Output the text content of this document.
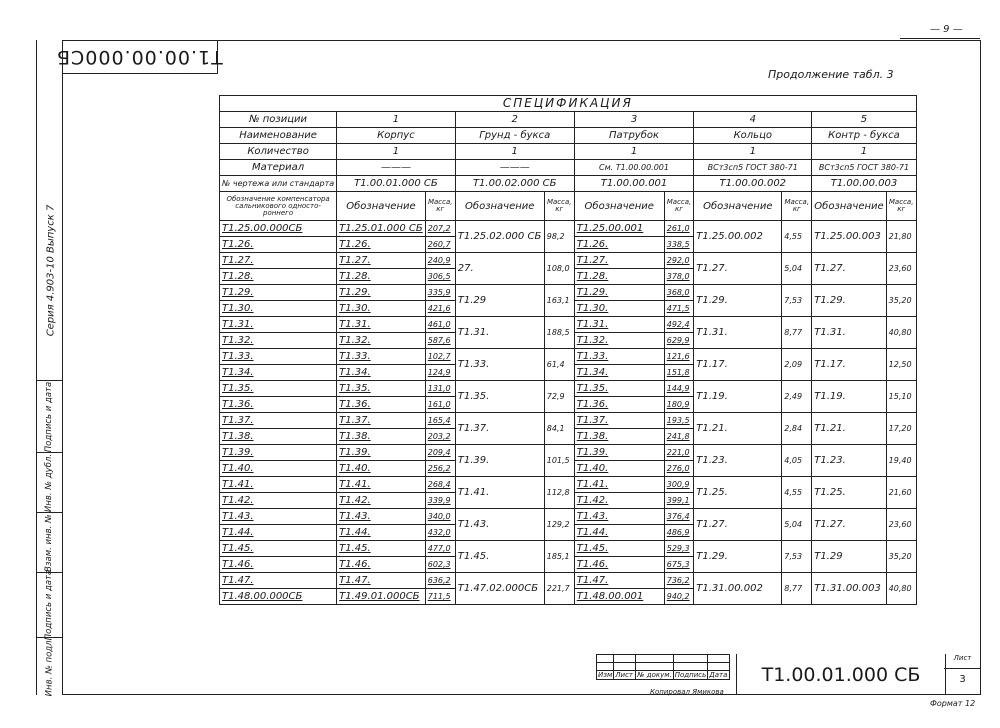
— 9 —
Т1.00.00.000СБ
Продолжение табл. 3
Серия 4.903-10 Выпуск 7
Подпись и дата
Инв. № дубл.
Взам. инв. №
Подпись и дата
Инв. № подл.
СПЕЦИФИКАЦИЯ										
№ позиции	1		2		3		4		5	
Наименование	Корпус		Грунд - букса		Патрубок		Кольцо		Контр - букса	
Количество	1		1		1		1		1	
Материал	———		———		См. Т1.00.00.001		ВСт3сп5 ГОСТ 380-71		ВСт3сп5 ГОСТ 380-71	
№ чертежа или стандарта	Т1.00.01.000 СБ		Т1.00.02.000 СБ		Т1.00.00.001		Т1.00.00.002		Т1.00.00.003	
Обозначение компенсатора сальникового односто-роннего	Обозначение	Масса, кг	Обозначение	Масса, кг	Обозначение	Масса, кг	Обозначение	Масса, кг	Обозначение	Масса, кг
Т1.25.00.000СБ	Т1.25.01.000 СБ	207,2	Т1.25.02.000 СБ	98,2	Т1.25.00.001	261,0	Т1.25.00.002	4,55	Т1.25.00.003	21,80
Т1.26.	Т1.26.	260,7			Т1.26.	338,5				
Т1.27.	Т1.27.	240,9	27.	108,0	Т1.27.	292,0	Т1.27.	5,04	Т1.27.	23,60
Т1.28.	Т1.28.	306,5			Т1.28.	378,0				
Т1.29.	Т1.29.	335,9	Т1.29	163,1	Т1.29.	368,0	Т1.29.	7,53	Т1.29.	35,20
Т1.30.	Т1.30.	421,6			Т1.30.	471,5				
Т1.31.	Т1.31.	461,0	Т1.31.	188,5	Т1.31.	492,4	Т1.31.	8,77	Т1.31.	40,80
Т1.32.	Т1.32.	587,6			Т1.32.	629,9				
Т1.33.	Т1.33.	102,7	Т1.33.	61,4	Т1.33.	121,6	Т1.17.	2,09	Т1.17.	12,50
Т1.34.	Т1.34.	124,9			Т1.34.	151,8				
Т1.35.	Т1.35.	131,0	Т1.35.	72,9	Т1.35.	144,9	Т1.19.	2,49	Т1.19.	15,10
Т1.36.	Т1.36.	161,0			Т1.36.	180,9				
Т1.37.	Т1.37.	165,4	Т1.37.	84,1	Т1.37.	193,5	Т1.21.	2,84	Т1.21.	17,20
Т1.38.	Т1.38.	203,2			Т1.38.	241,8				
Т1.39.	Т1.39.	209,4	Т1.39.	101,5	Т1.39.	221,0	Т1.23.	4,05	Т1.23.	19,40
Т1.40.	Т1.40.	256,2			Т1.40.	276,0				
Т1.41.	Т1.41.	268,4	Т1.41.	112,8	Т1.41.	300,9	Т1.25.	4,55	Т1.25.	21,60
Т1.42.	Т1.42.	339,9			Т1.42.	399,1				
Т1.43.	Т1.43.	340,0	Т1.43.	129,2	Т1.43.	376,4	Т1.27.	5,04	Т1.27.	23,60
Т1.44.	Т1.44.	432,0			Т1.44.	486,9				
Т1.45.	Т1.45.	477,0	Т1.45.	185,1	Т1.45.	529,3	Т1.29.	7,53	Т1.29	35,20
Т1.46.	Т1.46.	602,3			Т1.46.	675,3				
Т1.47.	Т1.47.	636,2	Т1.47.02.000СБ	221,7	Т1.47.	736,2	Т1.31.00.002	8,77	Т1.31.00.003	40,80
Т1.48.00.000СБ	Т1.49.01.000СБ	711,5			Т1.48.00.001	940,2				

Изм	Лист	№ докум.	Подпись	Дата	Т1.00.01.000 СБ
Лист
3
Копировал Ямикова
Формат 12
